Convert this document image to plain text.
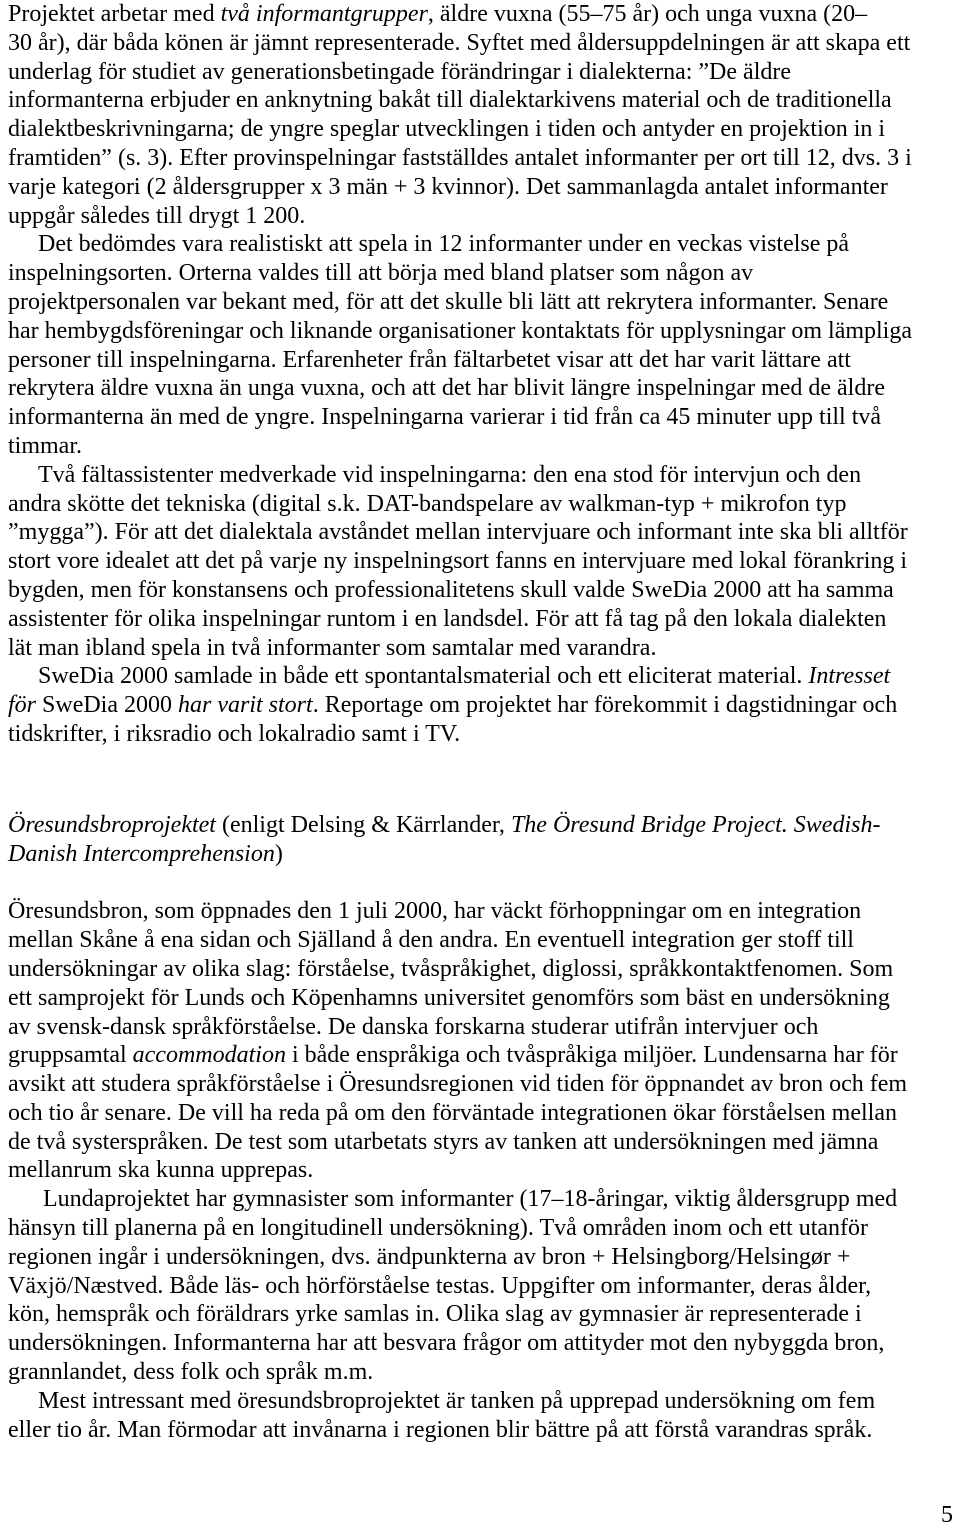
Projektet arbetar med två informantgrupper, äldre vuxna (55–75 år) och unga vuxna (20–
30 år), där båda könen är jämnt representerade. Syftet med åldersuppdelningen är att skapa ett
underlag för studiet av generationsbetingade förändringar i dialekterna: ”De äldre
informanterna erbjuder en anknytning bakåt till dialektarkivens material och de traditionella
dialektbeskrivningarna; de yngre speglar utvecklingen i tiden och antyder en projektion in i
framtiden” (s. 3). Efter provinspelningar fastställdes antalet informanter per ort till 12, dvs. 3 i
varje kategori (2 åldersgrupper x 3 män + 3 kvinnor). Det sammanlagda antalet informanter
uppgår således till drygt 1 200.
Det bedömdes vara realistiskt att spela in 12 informanter under en veckas vistelse på
inspelningsorten. Orterna valdes till att börja med bland platser som någon av
projektpersonalen var bekant med, för att det skulle bli lätt att rekrytera informanter. Senare
har hembygdsföreningar och liknande organisationer kontaktats för upplysningar om lämpliga
personer till inspelningarna. Erfarenheter från fältarbetet visar att det har varit lättare att
rekrytera äldre vuxna än unga vuxna, och att det har blivit längre inspelningar med de äldre
informanterna än med de yngre. Inspelningarna varierar i tid från ca 45 minuter upp till två
timmar.
Två fältassistenter medverkade vid inspelningarna: den ena stod för intervjun och den
andra skötte det tekniska (digital s.k. DAT-bandspelare av walkman-typ + mikrofon typ
”mygga”). För att det dialektala avståndet mellan intervjuare och informant inte ska bli alltför
stort vore idealet att det på varje ny inspelningsort fanns en intervjuare med lokal förankring i
bygden, men för konstansens och professionalitetens skull valde SweDia 2000 att ha samma
assistenter för olika inspelningar runtom i en landsdel. För att få tag på den lokala dialekten
lät man ibland spela in två informanter som samtalar med varandra.
SweDia 2000 samlade in både ett spontantalsmaterial och ett eliciterat material. Intresset
för SweDia 2000 har varit stort. Reportage om projektet har förekommit i dagstidningar och
tidskrifter, i riksradio och lokalradio samt i TV.
Öresundsbroprojektet (enligt Delsing & Kärrlander, The Öresund Bridge Project. Swedish-
Danish Intercomprehension)
Öresundsbron, som öppnades den 1 juli 2000, har väckt förhoppningar om en integration
mellan Skåne å ena sidan och Själland å den andra. En eventuell integration ger stoff till
undersökningar av olika slag: förståelse, tvåspråkighet, diglossi, språkkontaktfenomen. Som
ett samprojekt för Lunds och Köpenhamns universitet genomförs som bäst en undersökning
av svensk-dansk språkförståelse. De danska forskarna studerar utifrån intervjuer och
gruppsamtal accommodation i både enspråkiga och tvåspråkiga miljöer. Lundensarna har för
avsikt att studera språkförståelse i Öresundsregionen vid tiden för öppnandet av bron och fem
och tio år senare. De vill ha reda på om den förväntade integrationen ökar förståelsen mellan
de två systerspråken. De test som utarbetats styrs av tanken att undersökningen med jämna
mellanrum ska kunna upprepas.
Lundaprojektet har gymnasister som informanter (17–18-åringar, viktig åldersgrupp med
hänsyn till planerna på en longitudinell undersökning). Två områden inom och ett utanför
regionen ingår i undersökningen, dvs. ändpunkterna av bron + Helsingborg/Helsingør +
Växjö/Næstved. Både läs- och hörförståelse testas. Uppgifter om informanter, deras ålder,
kön, hemspråk och föräldrars yrke samlas in. Olika slag av gymnasier är representerade i
undersökningen. Informanterna har att besvara frågor om attityder mot den nybyggda bron,
grannlandet, dess folk och språk m.m.
Mest intressant med öresundsbroprojektet är tanken på upprepad undersökning om fem
eller tio år. Man förmodar att invånarna i regionen blir bättre på att förstå varandras språk.
5
